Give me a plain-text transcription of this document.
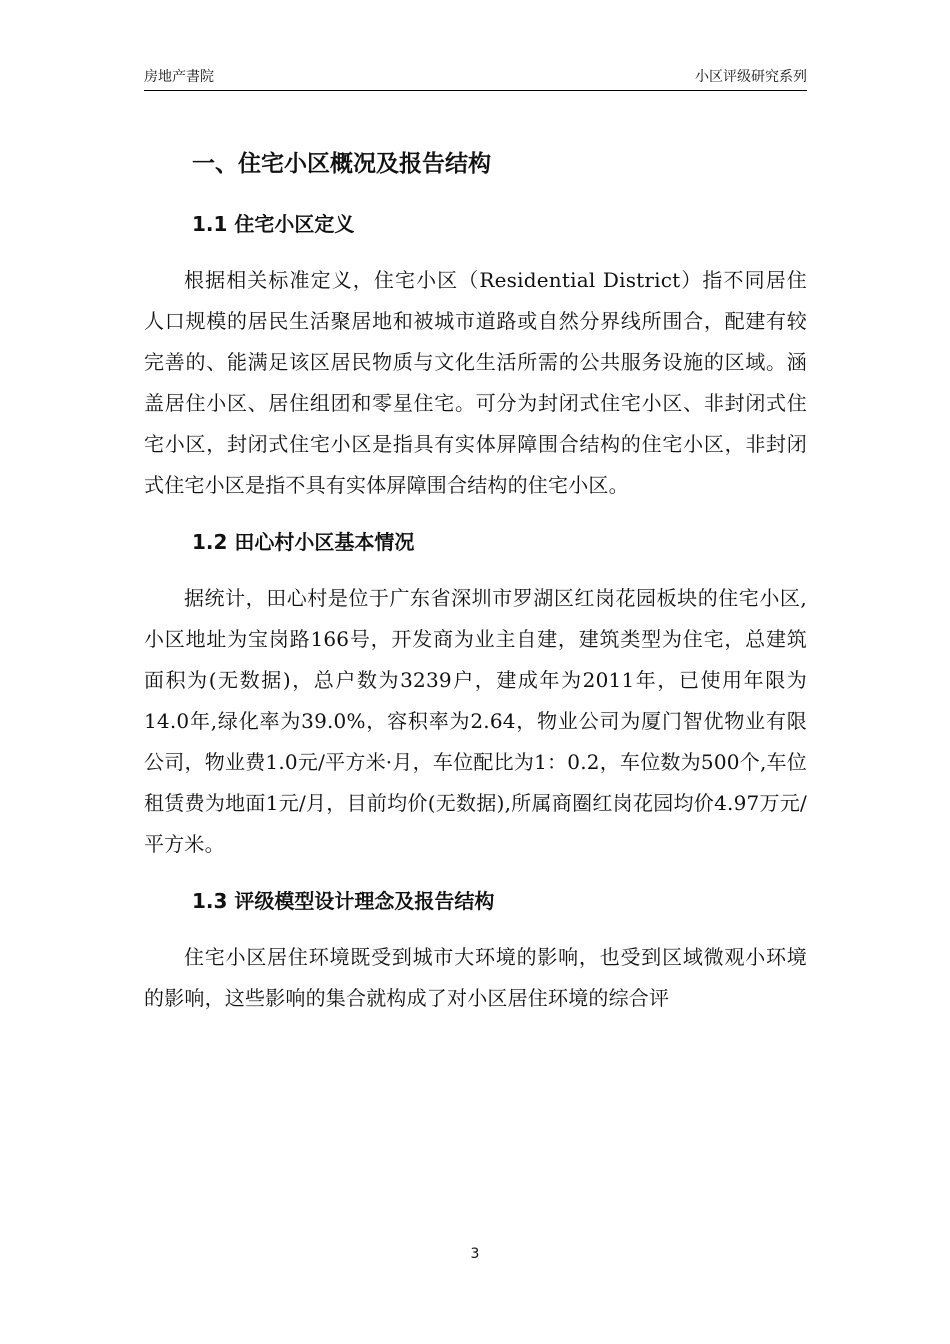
房地产書院	小区评级研究系列
一、住宅小区概况及报告结构
1.1 住宅小区定义

根据相关标准定义，住宅小区（Residential District）指不同居住人口规模的居民生活聚居地和被城市道路或自然分界线所围合，配建有较完善的、能满足该区居民物质与文化生活所需的公共服务设施的区域。涵盖居住小区、居住组团和零星住宅。可分为封闭式住宅小区、非封闭式住宅小区，封闭式住宅小区是指具有实体屏障围合结构的住宅小区，非封闭式住宅小区是指不具有实体屏障围合结构的住宅小区。

1.2 田心村小区基本情况

据统计，田心村是位于广东省深圳市罗湖区红岗花园板块的住宅小区,小区地址为宝岗路166号，开发商为业主自建，建筑类型为住宅，总建筑面积为(无数据)，总户数为3239户，建成年为2011年，已使用年限为14.0年,绿化率为39.0%，容积率为2.64，物业公司为厦门智优物业有限公司，物业费1.0元/平方米·月，车位配比为1：0.2，车位数为500个,车位租赁费为地面1元/月，目前均价(无数据),所属商圈红岗花园均价4.97万元/平方米。

1.3 评级模型设计理念及报告结构

住宅小区居住环境既受到城市大环境的影响，也受到区域微观小环境的影响，这些影响的集合就构成了对小区居住环境的综合评

3
